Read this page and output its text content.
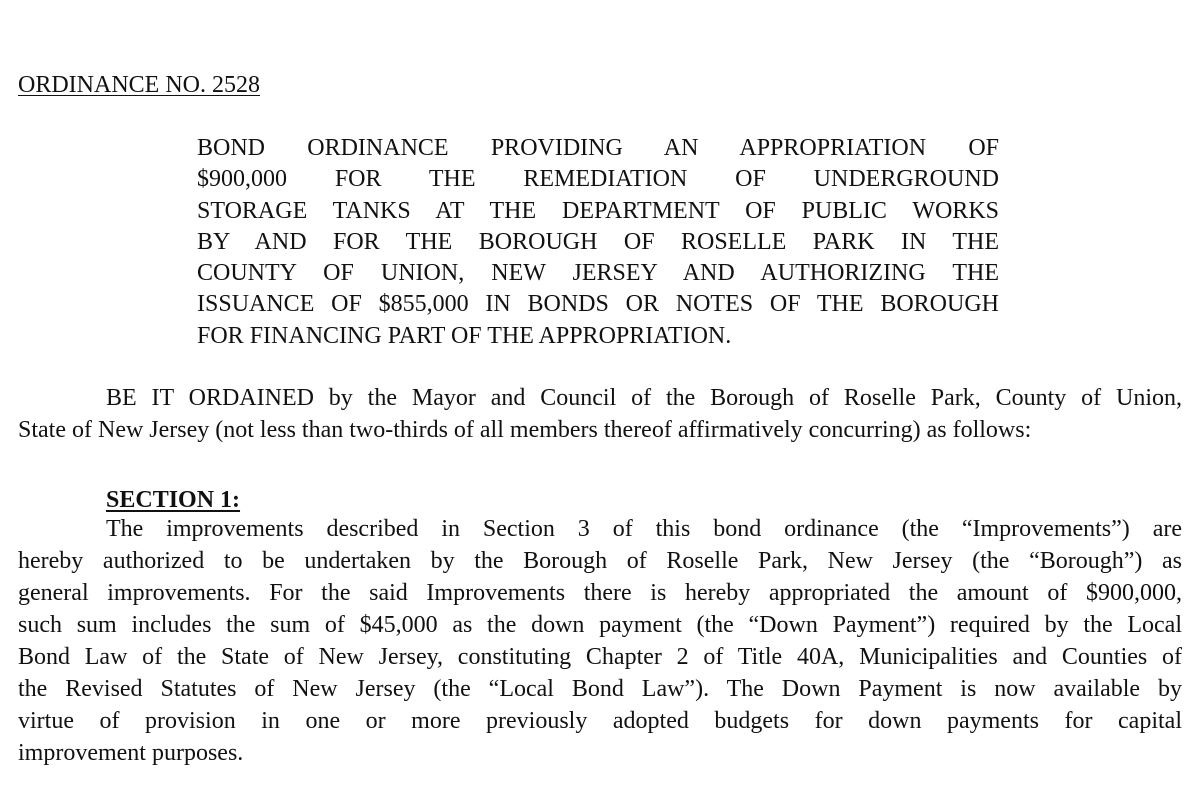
ORDINANCE NO. 2528
BOND ORDINANCE PROVIDING AN APPROPRIATION OF
$900,000 FOR THE REMEDIATION OF UNDERGROUND
STORAGE TANKS AT THE DEPARTMENT OF PUBLIC WORKS
BY AND FOR THE BOROUGH OF ROSELLE PARK IN THE
COUNTY OF UNION, NEW JERSEY AND AUTHORIZING THE
ISSUANCE OF $855,000 IN BONDS OR NOTES OF THE BOROUGH
FOR FINANCING PART OF THE APPROPRIATION.
BE IT ORDAINED by the Mayor and Council of the Borough of Roselle Park, County of Union,
State of New Jersey (not less than two-thirds of all members thereof affirmatively concurring) as follows:
SECTION 1:
The improvements described in Section 3 of this bond ordinance (the “Improvements”) are
hereby authorized to be undertaken by the Borough of Roselle Park, New Jersey (the “Borough”) as
general improvements. For the said Improvements there is hereby appropriated the amount of $900,000,
such sum includes the sum of $45,000 as the down payment (the “Down Payment”) required by the Local
Bond Law of the State of New Jersey, constituting Chapter 2 of Title 40A, Municipalities and Counties of
the Revised Statutes of New Jersey (the “Local Bond Law”). The Down Payment is now available by
virtue of provision in one or more previously adopted budgets for down payments for capital
improvement purposes.
